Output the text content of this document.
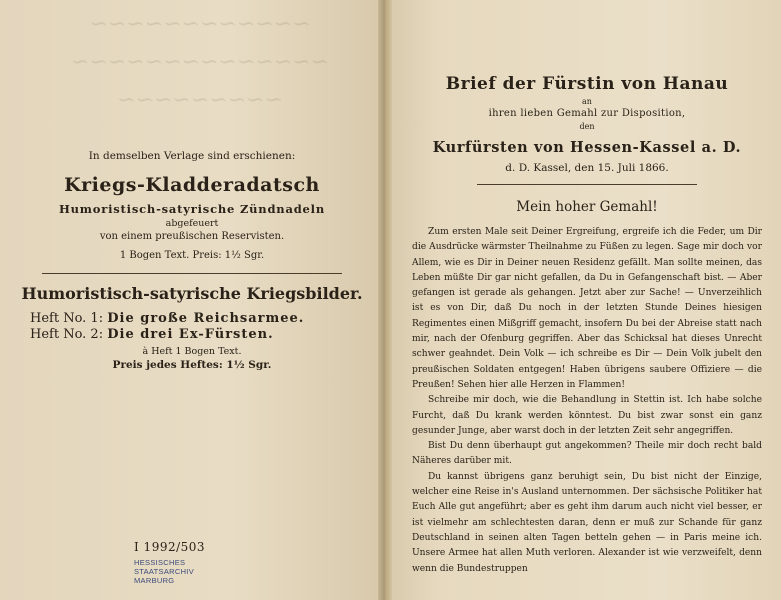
~~~~~~~~~~~~
~~~~~~~~~~~~~~
~~~~~~~~~

In demselben Verlage sind erschienen:

Kriegs-Kladderadatsch

Humoristisch-satyrische Zündnadeln

abgefeuert

von einem preußischen Reservisten.

1 Bogen Text. Preis: 1½ Sgr.

Humoristisch-satyrische Kriegsbilder.

Heft No. 1: Die große Reichsarmee.

Heft No. 2: Die drei Ex-Fürsten.

à Heft 1 Bogen Text.

Preis jedes Heftes: 1½ Sgr.

I 1992/503

HESSISCHES
STAATSARCHIV
MARBURG

Brief der Fürstin von Hanau

an

ihren lieben Gemahl zur Disposition,

den

Kurfürsten von Hessen-Kassel a. D.

d. D. Kassel, den 15. Juli 1866.

Mein hoher Gemahl!

Zum ersten Male seit Deiner Ergreifung, ergreife ich die Feder, um Dir die Ausdrücke wärmster Theilnahme zu Füßen zu legen. Sage mir doch vor Allem, wie es Dir in Deiner neuen Residenz gefällt. Man sollte meinen, das Leben müßte Dir gar nicht gefallen, da Du in Gefangenschaft bist. — Aber gefangen ist gerade als gehangen. Jetzt aber zur Sache! — Unverzeihlich ist es von Dir, daß Du noch in der letzten Stunde Deines hiesigen Regimentes einen Mißgriff gemacht, insofern Du bei der Abreise statt nach mir, nach der Ofenburg gegriffen. Aber das Schicksal hat dieses Unrecht schwer geahndet. Dein Volk — ich schreibe es Dir — Dein Volk jubelt den preußischen Soldaten entgegen! Haben übrigens saubere Offiziere — die Preußen! Sehen hier alle Herzen in Flammen!

Schreibe mir doch, wie die Behandlung in Stettin ist. Ich habe solche Furcht, daß Du krank werden könntest. Du bist zwar sonst ein ganz gesunder Junge, aber warst doch in der letzten Zeit sehr angegriffen.

Bist Du denn überhaupt gut angekommen? Theile mir doch recht bald Näheres darüber mit.

Du kannst übrigens ganz beruhigt sein, Du bist nicht der Einzige, welcher eine Reise in's Ausland unternommen. Der sächsische Politiker hat Euch Alle gut angeführt; aber es geht ihm darum auch nicht viel besser, er ist vielmehr am schlechtesten daran, denn er muß zur Schande für ganz Deutschland in seinen alten Tagen betteln gehen — in Paris meine ich. Unsere Armee hat allen Muth verloren. Alexander ist wie verzweifelt, denn wenn die Bundestruppen
